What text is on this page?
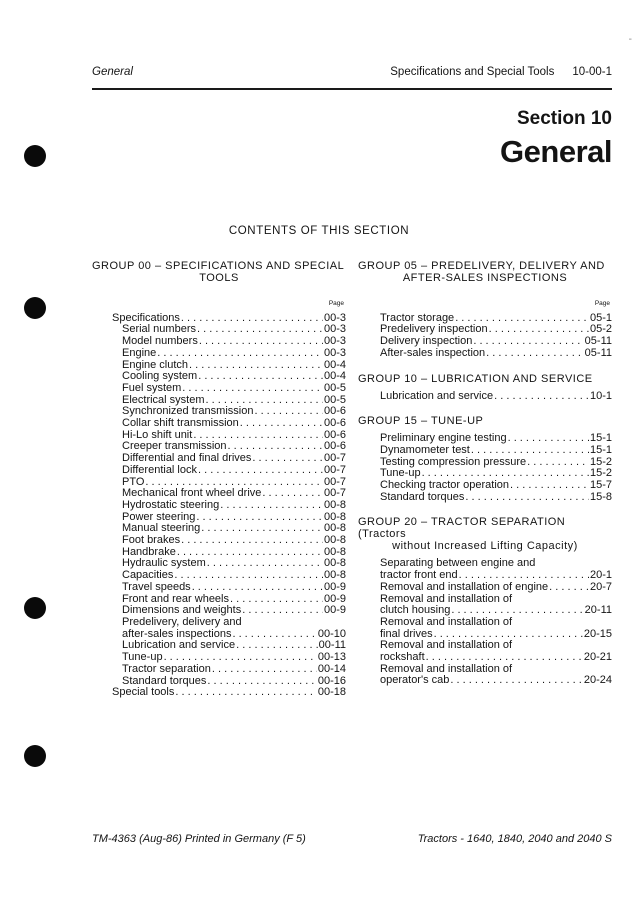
-
General	Specifications and Special Tools 10-00-1
Section 10
General
CONTENTS OF THIS SECTION
GROUP 00 – SPECIFICATIONS AND SPECIAL
TOOLS
Page
Specifications . . .	00-3
Serial numbers . . .	00-3
Model numbers . . .	00-3
Engine . . .	00-3
Engine clutch . . .	00-4
Cooling system . . .	00-4
Fuel system . . .	00-5
Electrical system . . .	00-5
Synchronized transmission . . .	00-6
Collar shift transmission . . .	00-6
Hi-Lo shift unit . . .	00-6
Creeper transmission . . .	00-6
Differential and final drives . . .	00-7
Differential lock . . .	00-7
PTO . . .	00-7
Mechanical front wheel drive . . .	00-7
Hydrostatic steering . . .	00-8
Power steering . . .	00-8
Manual steering . . .	00-8
Foot brakes . . .	00-8
Handbrake . . .	00-8
Hydraulic system . . .	00-8
Capacities . . .	00-8
Travel speeds . . .	00-9
Front and rear wheels . . .	00-9
Dimensions and weights . . .	00-9
Predelivery, delivery and
after-sales inspections . . .	00-10
Lubrication and service . . .	00-11
Tune-up . . .	00-13
Tractor separation . . .	00-14
Standard torques . . .	00-16
Special tools . . .	00-18
GROUP 05 – PREDELIVERY, DELIVERY AND
AFTER-SALES INSPECTIONS
Page
Tractor storage . . .	05-1
Predelivery inspection . . .	05-2
Delivery inspection . . .	05-11
After-sales inspection . . .	05-11
GROUP 10 – LUBRICATION AND SERVICE
Lubrication and service . . .	10-1
GROUP 15 – TUNE-UP
Preliminary engine testing . . .	15-1
Dynamometer test . . .	15-1
Testing compression pressure . . .	15-2
Tune-up . . .	15-2
Checking tractor operation . . .	15-7
Standard torques . . .	15-8
GROUP 20 – TRACTOR SEPARATION (Tractors
without Increased Lifting Capacity)
Separating between engine and
tractor front end . . .	20-1
Removal and installation of engine . . .	20-7
Removal and installation of
clutch housing . . .	20-11
Removal and installation of
final drives . . .	20-15
Removal and installation of
rockshaft . . .	20-21
Removal and installation of
operator's cab . . .	20-24
TM-4363 (Aug-86) Printed in Germany (F 5)	Tractors - 1640, 1840, 2040 and 2040 S
